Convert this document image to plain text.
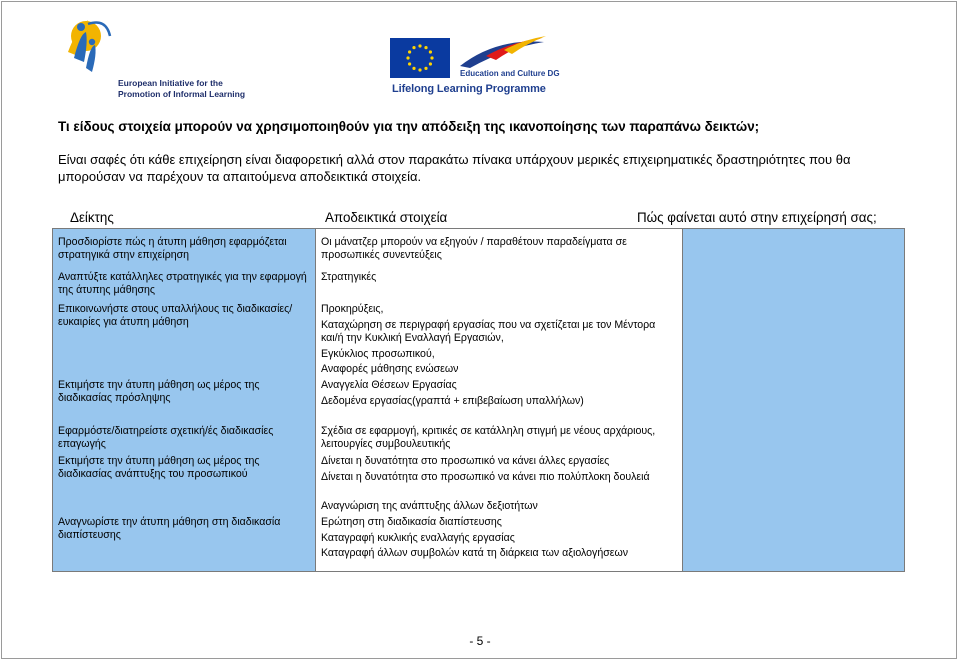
European Initiative for the
Promotion of Informal Learning
Education and Culture DG
Lifelong Learning Programme
Τι είδους στοιχεία μπορούν να χρησιμοποιηθούν για την απόδειξη της ικανοποίησης των παραπάνω δεικτών;
Είναι σαφές ότι κάθε επιχείρηση είναι διαφορετική αλλά στον παρακάτω πίνακα υπάρχουν μερικές επιχειρηματικές δραστηριότητες που θα μπορούσαν να παρέχουν τα απαιτούμενα αποδεικτικά στοιχεία.
Δείκτης	Αποδεικτικά στοιχεία	Πώς φαίνεται αυτό στην επιχείρησή σας;
Προσδιορίστε πώς η άτυπη μάθηση εφαρμόζεται στρατηγικά στην επιχείρηση
Αναπτύξτε κατάλληλες στρατηγικές για την εφαρμογή της άτυπης μάθησης
Επικοινωνήστε στους υπαλλήλους τις διαδικασίες/ευκαιρίες για άτυπη μάθηση
Εκτιμήστε την άτυπη μάθηση ως μέρος της διαδικασίας πρόσληψης
Εφαρμόστε/διατηρείστε σχετική/ές διαδικασίες επαγωγής
Εκτιμήστε την άτυπη μάθηση ως μέρος της διαδικασίας ανάπτυξης του προσωπικού
Αναγνωρίστε την άτυπη μάθηση στη διαδικασία διαπίστευσης
Οι μάνατζερ μπορούν να εξηγούν / παραθέτουν παραδείγματα σε προσωπικές συνεντεύξεις
Στρατηγικές
Προκηρύξεις,
Καταχώρηση σε περιγραφή εργασίας που να σχετίζεται με τον Μέντορα και/ή την Κυκλική Εναλλαγή Εργασιών,
Εγκύκλιος προσωπικού,
Αναφορές μάθησης ενώσεων
Αναγγελία Θέσεων Εργασίας
Δεδομένα εργασίας(γραπτά + επιβεβαίωση υπαλλήλων)
Σχέδια σε εφαρμογή, κριτικές σε κατάλληλη στιγμή με νέους αρχάριους, λειτουργίες συμβουλευτικής
Δίνεται η δυνατότητα στο προσωπικό να κάνει άλλες εργασίες
Δίνεται η δυνατότητα στο προσωπικό να κάνει πιο πολύπλοκη δουλειά
Αναγνώριση της ανάπτυξης άλλων δεξιοτήτων
Ερώτηση στη διαδικασία διαπίστευσης
Καταγραφή κυκλικής εναλλαγής εργασίας
Καταγραφή άλλων συμβολών κατά τη διάρκεια των αξιολογήσεων
- 5 -
